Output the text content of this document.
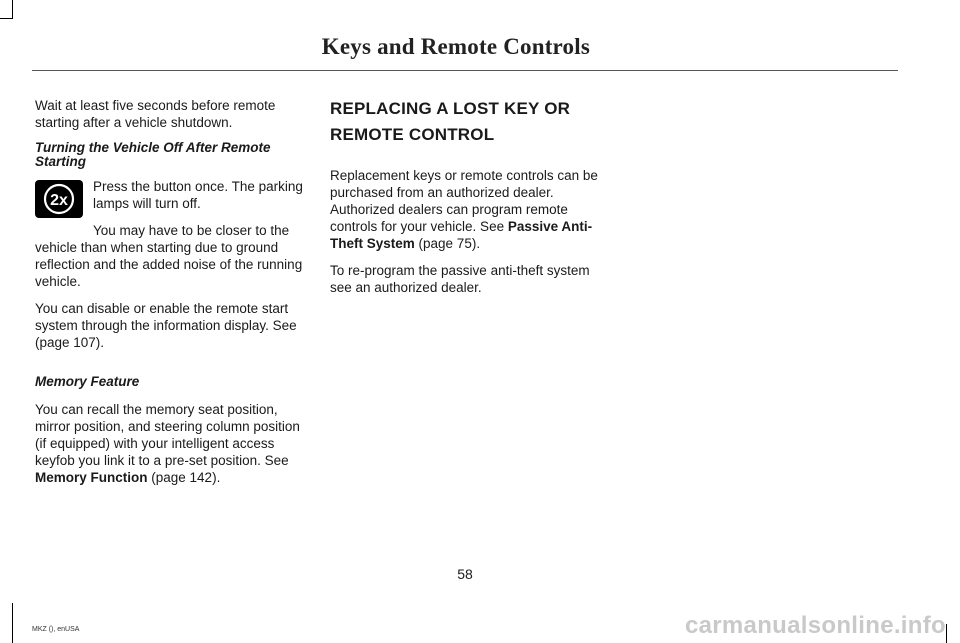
Keys and Remote Controls

Wait at least five seconds before remote starting after a vehicle shutdown.

Turning the Vehicle Off After Remote Starting
2x
Press the button once. The parking lamps will turn off.

You may have to be closer to the vehicle than when starting due to ground reflection and the added noise of the running vehicle.

You can disable or enable the remote start system through the information display. See (page 107).

Memory Feature

You can recall the memory seat position, mirror position, and steering column position (if equipped) with your intelligent access keyfob you link it to a pre-set position. See Memory Function (page 142).

REPLACING A LOST KEY OR
REMOTE CONTROL

Replacement keys or remote controls can be purchased from an authorized dealer. Authorized dealers can program remote controls for your vehicle. See Passive Anti-Theft System (page 75).

To re-program the passive anti-theft system see an authorized dealer.

58
MKZ (), enUSA	carmanualsonline.info
